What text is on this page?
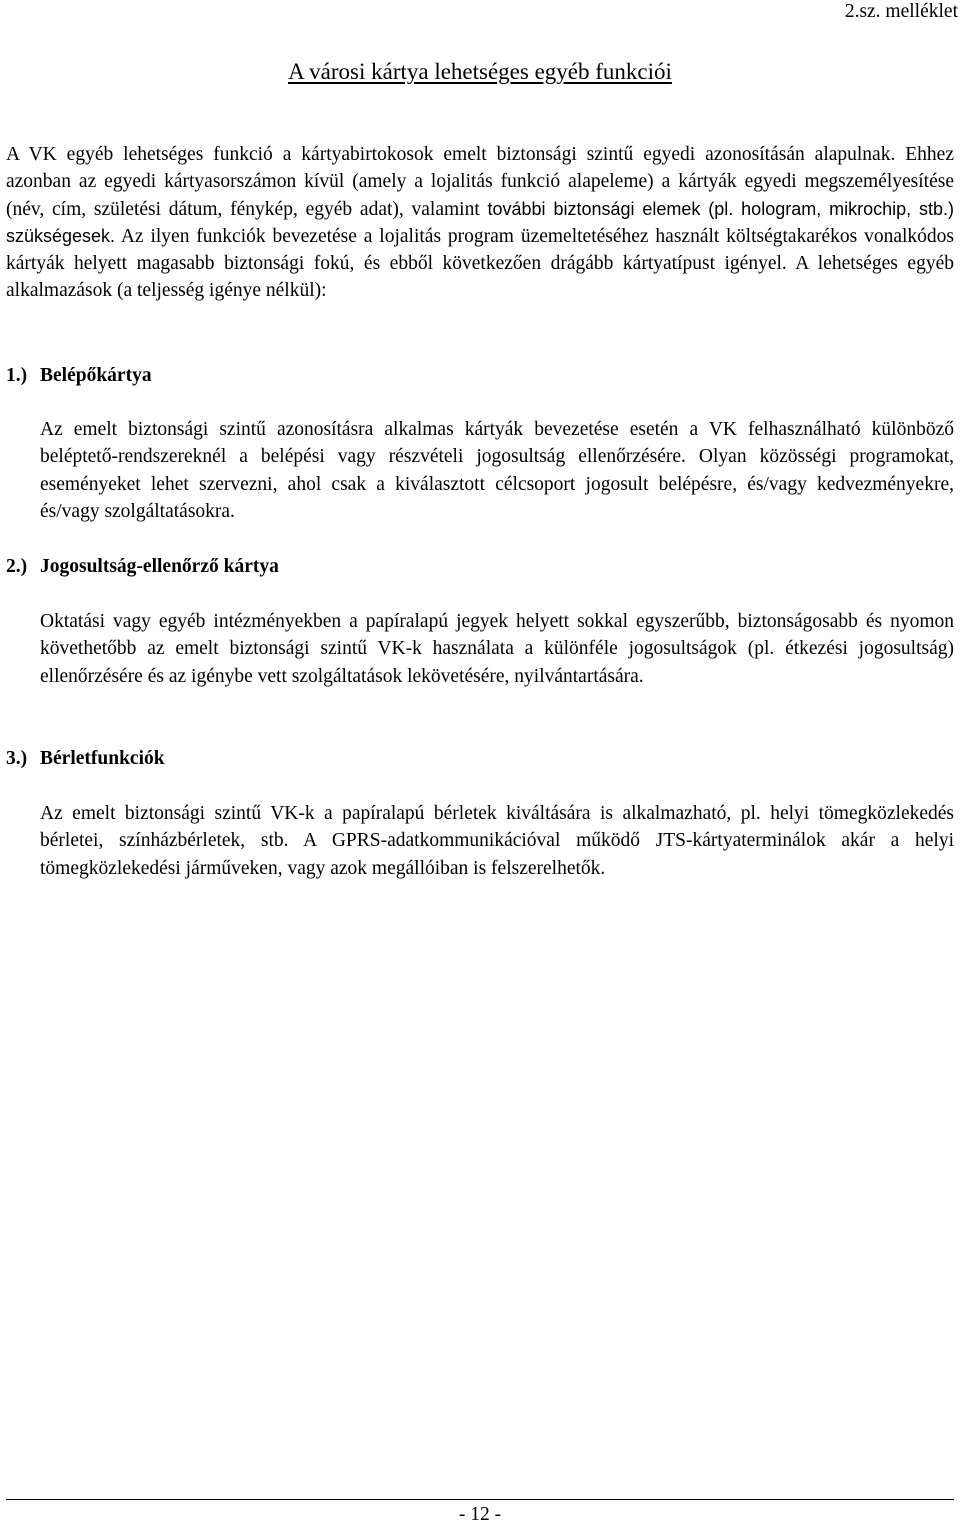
2.sz. melléklet
A városi kártya lehetséges egyéb funkciói

A VK egyéb lehetséges funkció a kártyabirtokosok emelt biztonsági szintű egyedi azonosításán alapulnak. Ehhez azonban az egyedi kártyasorszámon kívül (amely a lojalitás funkció alapeleme) a kártyák egyedi megszemélyesítése (név, cím, születési dátum, fénykép, egyéb adat), valamint további biztonsági elemek (pl. hologram, mikrochip, stb.) szükségesek. Az ilyen funkciók bevezetése a lojalitás program üzemeltetéséhez használt költségtakarékos vonalkódos kártyák helyett magasabb biztonsági fokú, és ebből következően drágább kártyatípust igényel. A lehetséges egyéb alkalmazások (a teljesség igénye nélkül):

1.) Belépőkártya

Az emelt biztonsági szintű azonosításra alkalmas kártyák bevezetése esetén a VK felhasználható különböző beléptető-rendszereknél a belépési vagy részvételi jogosultság ellenőrzésére. Olyan közösségi programokat, eseményeket lehet szervezni, ahol csak a kiválasztott célcsoport jogosult belépésre, és/vagy kedvezményekre, és/vagy szolgáltatásokra.

2.) Jogosultság-ellenőrző kártya

Oktatási vagy egyéb intézményekben a papíralapú jegyek helyett sokkal egyszerűbb, biztonságosabb és nyomon követhetőbb az emelt biztonsági szintű VK-k használata a különféle jogosultságok (pl. étkezési jogosultság) ellenőrzésére és az igénybe vett szolgáltatások lekövetésére, nyilvántartására.

3.) Bérletfunkciók

Az emelt biztonsági szintű VK-k a papíralapú bérletek kiváltására is alkalmazható, pl. helyi tömegközlekedés bérletei, színházbérletek, stb. A GPRS-adatkommunikációval működő JTS-kártyaterminálok akár a helyi tömegközlekedési járműveken, vagy azok megállóiban is felszerelhetők.

- 12 -
